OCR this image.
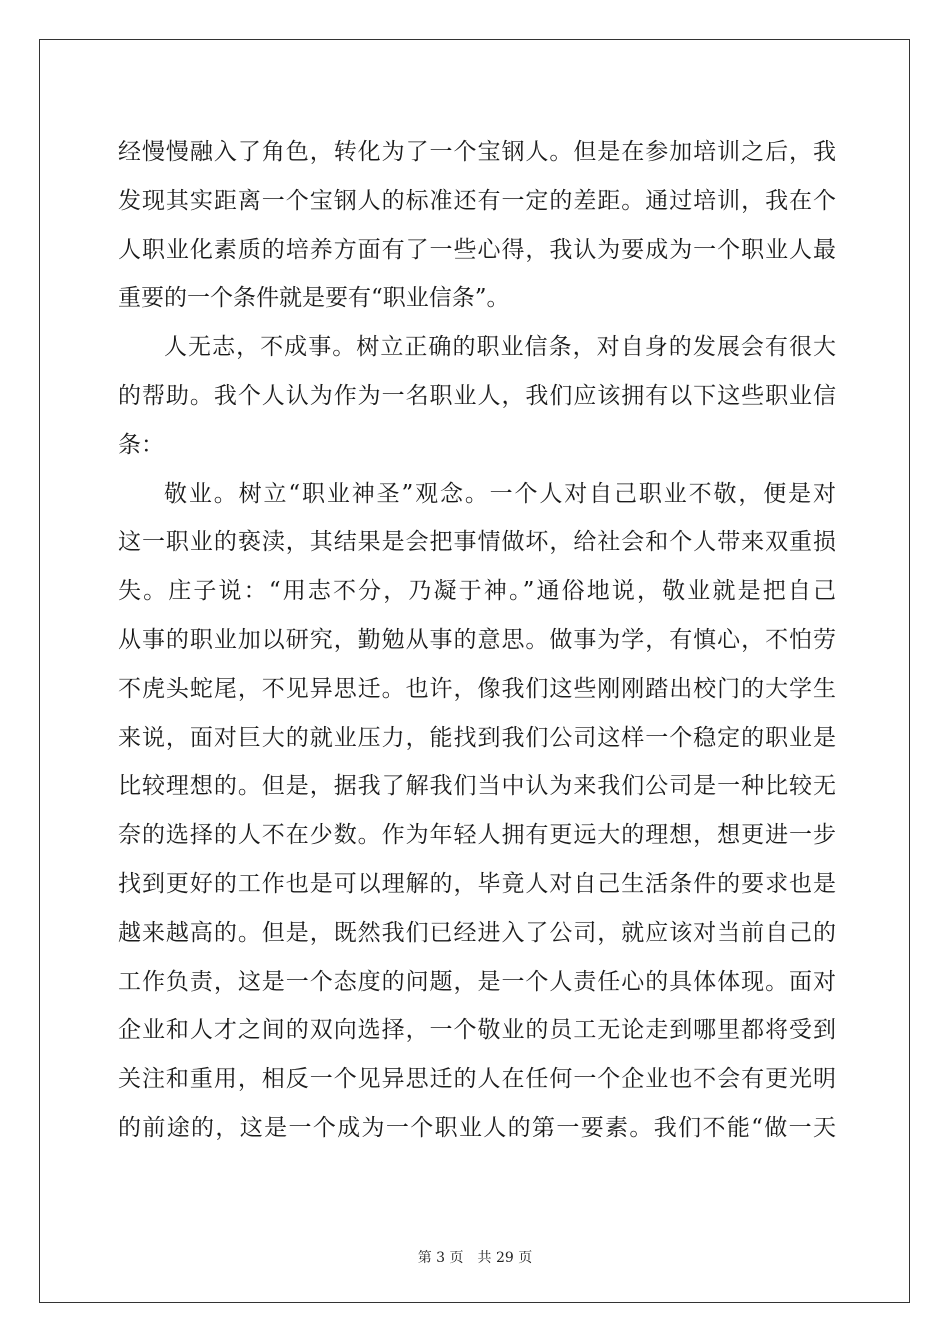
经慢慢融入了角色，转化为了一个宝钢人。但是在参加培训之后，我
发现其实距离一个宝钢人的标准还有一定的差距。通过培训，我在个
人职业化素质的培养方面有了一些心得，我认为要成为一个职业人最
重要的一个条件就是要有“职业信条”。
人无志，不成事。树立正确的职业信条，对自身的发展会有很大
的帮助。我个人认为作为一名职业人，我们应该拥有以下这些职业信
条：
敬业。树立“职业神圣”观念。一个人对自己职业不敬，便是对
这一职业的亵渎，其结果是会把事情做坏，给社会和个人带来双重损
失。庄子说：“用志不分，乃凝于神。”通俗地说，敬业就是把自己
从事的职业加以研究，勤勉从事的意思。做事为学，有慎心，不怕劳
不虎头蛇尾，不见异思迁。也许，像我们这些刚刚踏出校门的大学生
来说，面对巨大的就业压力，能找到我们公司这样一个稳定的职业是
比较理想的。但是，据我了解我们当中认为来我们公司是一种比较无
奈的选择的人不在少数。作为年轻人拥有更远大的理想，想更进一步
找到更好的工作也是可以理解的，毕竟人对自己生活条件的要求也是
越来越高的。但是，既然我们已经进入了公司，就应该对当前自己的
工作负责，这是一个态度的问题，是一个人责任心的具体体现。面对
企业和人才之间的双向选择，一个敬业的员工无论走到哪里都将受到
关注和重用，相反一个见异思迁的人在任何一个企业也不会有更光明
的前途的，这是一个成为一个职业人的第一要素。我们不能“做一天
第 3 页 共 29 页
